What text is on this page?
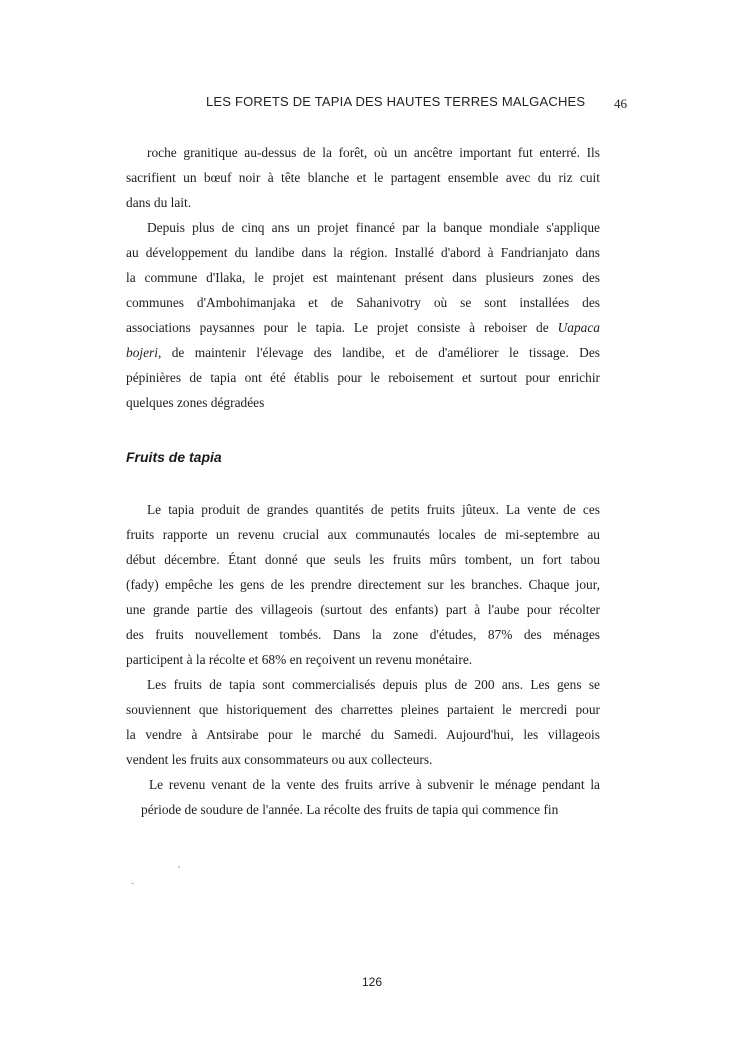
LES FORETS DE TAPIA DES HAUTES TERRES MALGACHES 46
roche granitique au-dessus de la forêt, où un ancêtre important fut enterré. Ils
sacrifient un bœuf noir à tête blanche et le partagent ensemble avec du riz cuit
dans du lait.
Depuis plus de cinq ans un projet financé par la banque mondiale s'applique
au développement du landibe dans la région. Installé d'abord à Fandrianjato dans
la commune d'Ilaka, le projet est maintenant présent dans plusieurs zones des
communes d'Ambohimanjaka et de Sahanivotry où se sont installées des
associations paysannes pour le tapia. Le projet consiste à reboiser de Uapaca
bojeri, de maintenir l'élevage des landibe, et de d'améliorer le tissage. Des
pépinières de tapia ont été établis pour le reboisement et surtout pour enrichir
quelques zones dégradées
Fruits de tapia
Le tapia produit de grandes quantités de petits fruits jûteux. La vente de ces
fruits rapporte un revenu crucial aux communautés locales de mi-septembre au
début décembre. Étant donné que seuls les fruits mûrs tombent, un fort tabou
(fady) empêche les gens de les prendre directement sur les branches. Chaque jour,
une grande partie des villageois (surtout des enfants) part à l'aube pour récolter
des fruits nouvellement tombés. Dans la zone d'études, 87% des ménages
participent à la récolte et 68% en reçoivent un revenu monétaire.
Les fruits de tapia sont commercialisés depuis plus de 200 ans. Les gens se
souviennent que historiquement des charrettes pleines partaient le mercredi pour
la vendre à Antsirabe pour le marché du Samedi. Aujourd'hui, les villageois
vendent les fruits aux consommateurs ou aux collecteurs.
Le revenu venant de la vente des fruits arrive à subvenir le ménage pendant la
période de soudure de l'année. La récolte des fruits de tapia qui commence fin
126
